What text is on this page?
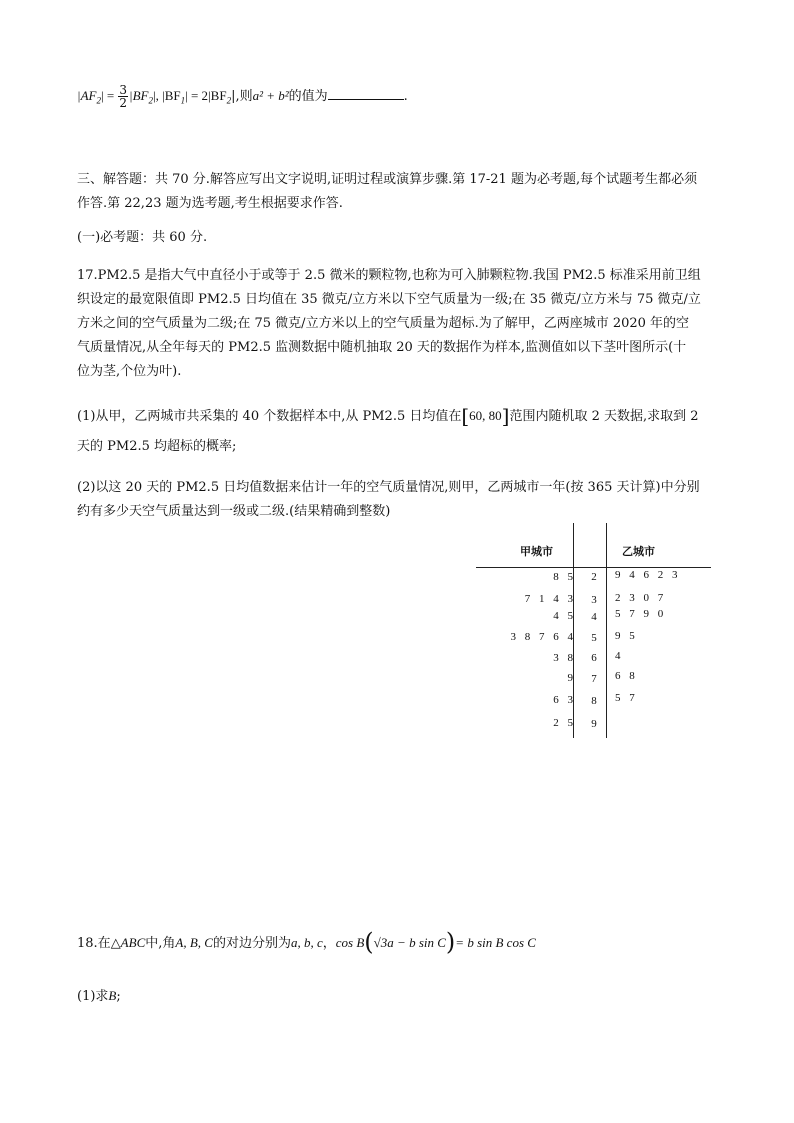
$|AF_2| = \frac{3}{2} |BF_2|$, $|BF_1| = 2|BF_2|$,则a² + b²的值为	.
三、解答题：共 70 分.解答应写出文字说明,证明过程或演算步骤.第 17-21 题为必考题,每个试题考生都必须
作答.第 22,23 题为选考题,考生根据要求作答.
(一)必考题：共 60 分.
17.PM2.5 是指大气中直径小于或等于 2.5 微米的颗粒物,也称为可入肺颗粒物.我国 PM2.5 标准采用前卫组
织设定的最宽限值即 PM2.5 日均值在 35 微克/立方米以下空气质量为一级;在 35 微克/立方米与 75 微克/立
方米之间的空气质量为二级;在 75 微克/立方米以上的空气质量为超标.为了解甲，乙两座城市 2020 年的空
气质量情况,从全年每天的 PM2.5 监测数据中随机抽取 20 天的数据作为样本,监测值如以下茎叶图所示(十
位为茎,个位为叶).
(1)从甲，乙两城市共采集的 40 个数据样本中,从 PM2.5 日均值在[60, 80]范围内随机取 2 天数据,求取到 2
天的 PM2.5 均超标的概率;
(2)以这 20 天的 PM2.5 日均值数据来估计一年的空气质量情况,则甲，乙两城市一年(按 365 天计算)中分别
约有多少天空气质量达到一级或二级.(结果精确到整数)
甲城市	乙城市
8 5	2	9 4 6 2 3
7 1 4 3	3	2 3 0 7
4 5	4	5 7 9 0
3 8 7 6 4	5	9 5
3 8	6	4
9	7	6 8
6 3	8	5 7
2 5	9
18.在△ABC中,角A, B, C的对边分别为a, b, c，cos B(√3a − b sin C)= b sin B cos C
(1)求B;
